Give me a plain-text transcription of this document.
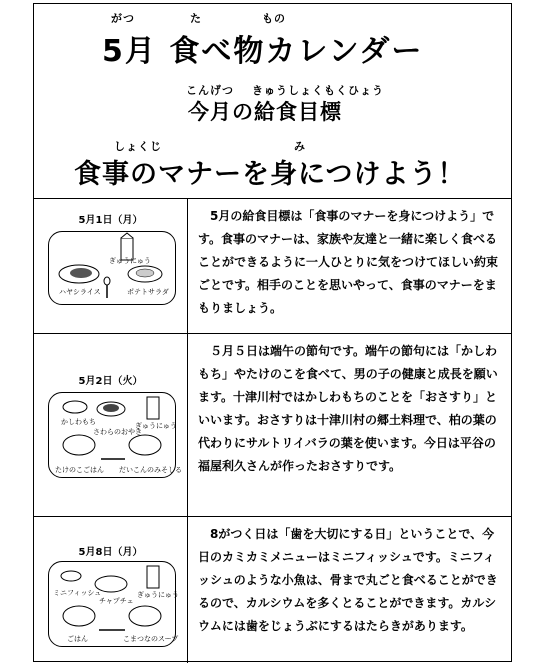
がつ	た	もの
5月 食べ物カレンダー
こんげつ きゅうしょくもくひょう
今月の給食目標
しょくじ	み
食事のマナーを身につけよう！
5月1日（月）
ぎゅうにゅう
ハヤシライス	ポテトサラダ

5月の給食目標は「食事のマナーを身につけよう」です。食事のマナーは、家族や友達と一緒に楽しく食べることができるように一人ひとりに気をつけてほしい約束ごとです。相手のことを思いやって、食事のマナーをまもりましょう。

5月2日（火）
かしわもち
さわらのおやき
ぎゅうにゅう
たけのこごはん だいこんのみそしる

５月５日は端午の節句です。端午の節句には「かしわもち」やたけのこを食べて、男の子の健康と成長を願います。十津川村ではかしわもちのことを「おさすり」といいます。おさすりは十津川村の郷土料理で、柏の葉の代わりにサルトリイバラの葉を使います。今日は平谷の福屋利久さんが作ったおさすりです。

5月8日（月）
ミニフィッシュ	ぎゅうにゅう
チャプチェ
ごはん	こまつなのスープ

8がつく日は「歯を大切にする日」ということで、今日のカミカミメニューはミニフィッシュです。ミニフィッシュのような小魚は、骨まで丸ごと食べることができるので、カルシウムを多くとることができます。カルシウムには歯をじょうぶにするはたらきがあります。
